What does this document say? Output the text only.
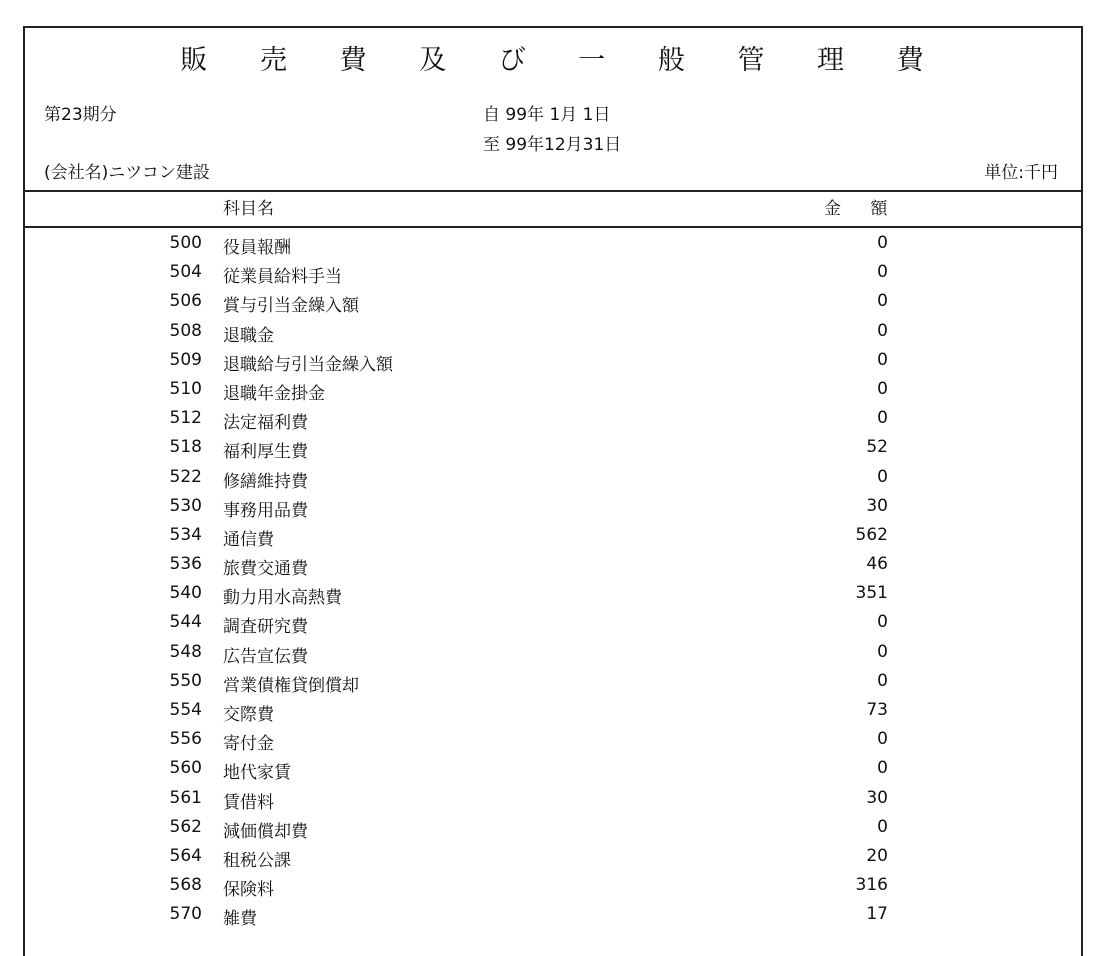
販 売 費 及 び 一 般 管 理 費
第23期分	自 99年 1月 1日
至 99年12月31日
(会社名)ニツコン建設	単位:千円
科目名	金 額
500 役員報酬	0
504 従業員給料手当	0
506 賞与引当金繰入額	0
508 退職金	0
509 退職給与引当金繰入額	0
510 退職年金掛金	0
512 法定福利費	0
518 福利厚生費	52
522 修繕維持費	0
530 事務用品費	30
534 通信費	562
536 旅費交通費	46
540 動力用水高熱費	351
544 調査研究費	0
548 広告宣伝費	0
550 営業債権貸倒償却	0
554 交際費	73
556 寄付金	0
560 地代家賃	0
561 賃借料	30
562 減価償却費	0
564 租税公課	20
568 保険料	316
570 雑費	17
